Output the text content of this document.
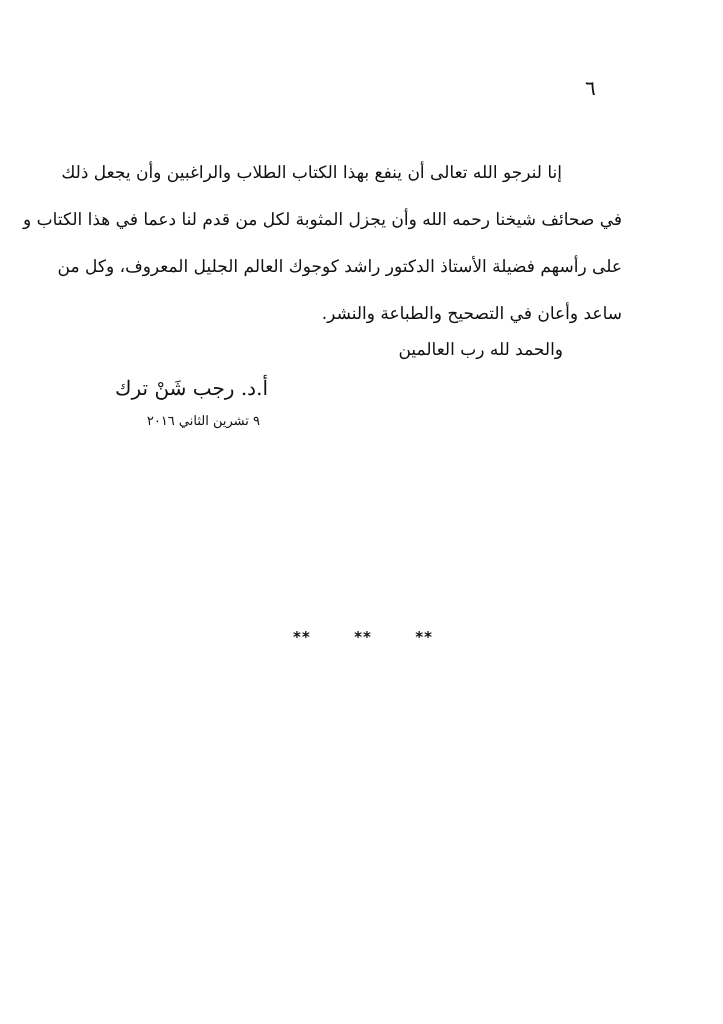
٦
إنا لنرجو الله تعالى أن ينفع بهذا الكتاب الطلاب والراغبين وأن يجعل ذلك
في صحائف شيخنا رحمه الله وأن يجزل المثوبة لكل من قدم لنا دعما في هذا الكتاب و
على رأسهم فضيلة الأستاذ الدكتور راشد كوجوك العالم الجليل المعروف، وكل من
ساعد وأعان في التصحيح والطباعة والنشر.
والحمد لله رب العالمين
أ.د. رجب شَنْ ترك
٩ تشرين الثاني ٢٠١٦
**	**	**
